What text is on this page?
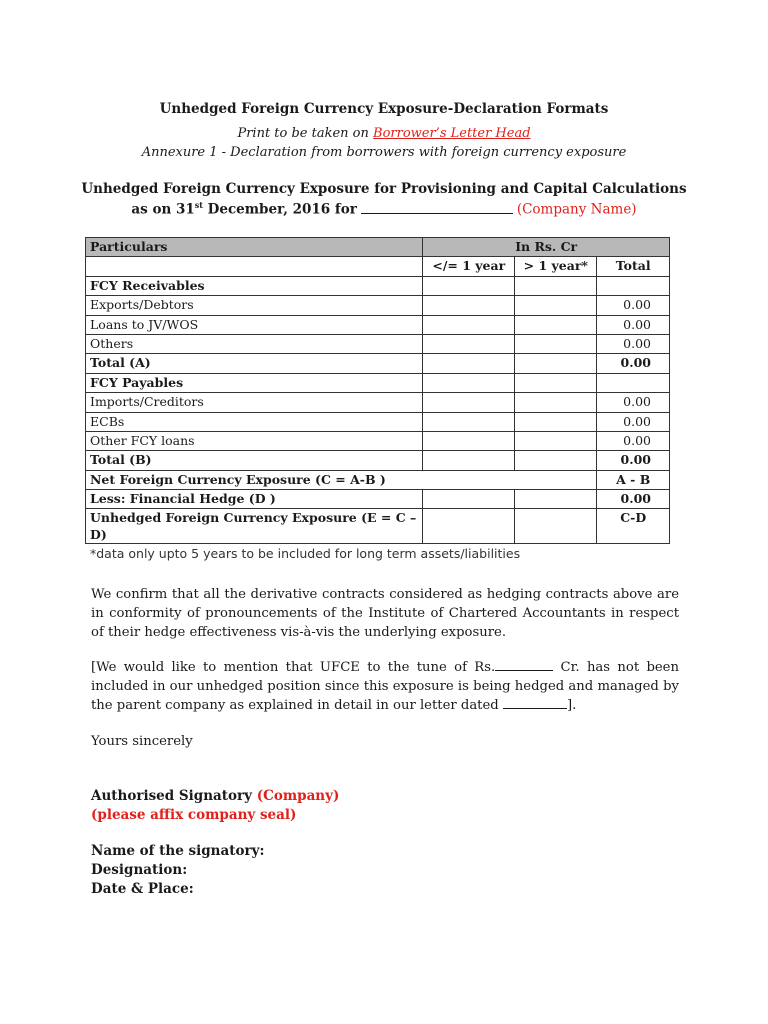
Unhedged Foreign Currency Exposure-Declaration Formats
Print to be taken on Borrower’s Letter Head
Annexure 1 - Declaration from borrowers with foreign currency exposure
Unhedged Foreign Currency Exposure for Provisioning and Capital Calculations
as on 31st December, 2016 for	(Company Name)
Particulars	In Rs. Cr		
	</= 1 year	> 1 year*	Total
FCY Receivables			
Exports/Debtors			0.00
Loans to JV/WOS			0.00
Others			0.00
Total (A)			0.00
FCY Payables			
Imports/Creditors			0.00
ECBs			0.00
Other FCY loans			0.00
Total (B)			0.00
Net Foreign Currency Exposure (C = A-B )			A - B
Less: Financial Hedge (D )			0.00
Unhedged Foreign Currency Exposure (E = C – D)			C-D
*data only upto 5 years to be included for long term assets/liabilities
We confirm that all the derivative contracts considered as hedging contracts above are in conformity of pronouncements of the Institute of Chartered Accountants in respect of their hedge effectiveness vis-à-vis the underlying exposure.
[We would like to mention that UFCE to the tune of Rs.	Cr. has not been included in our unhedged position since this exposure is being hedged and managed by the parent company as explained in detail in our letter dated	].
Yours sincerely
Authorised Signatory (Company)
(please affix company seal)
Name of the signatory:
Designation:
Date & Place:
